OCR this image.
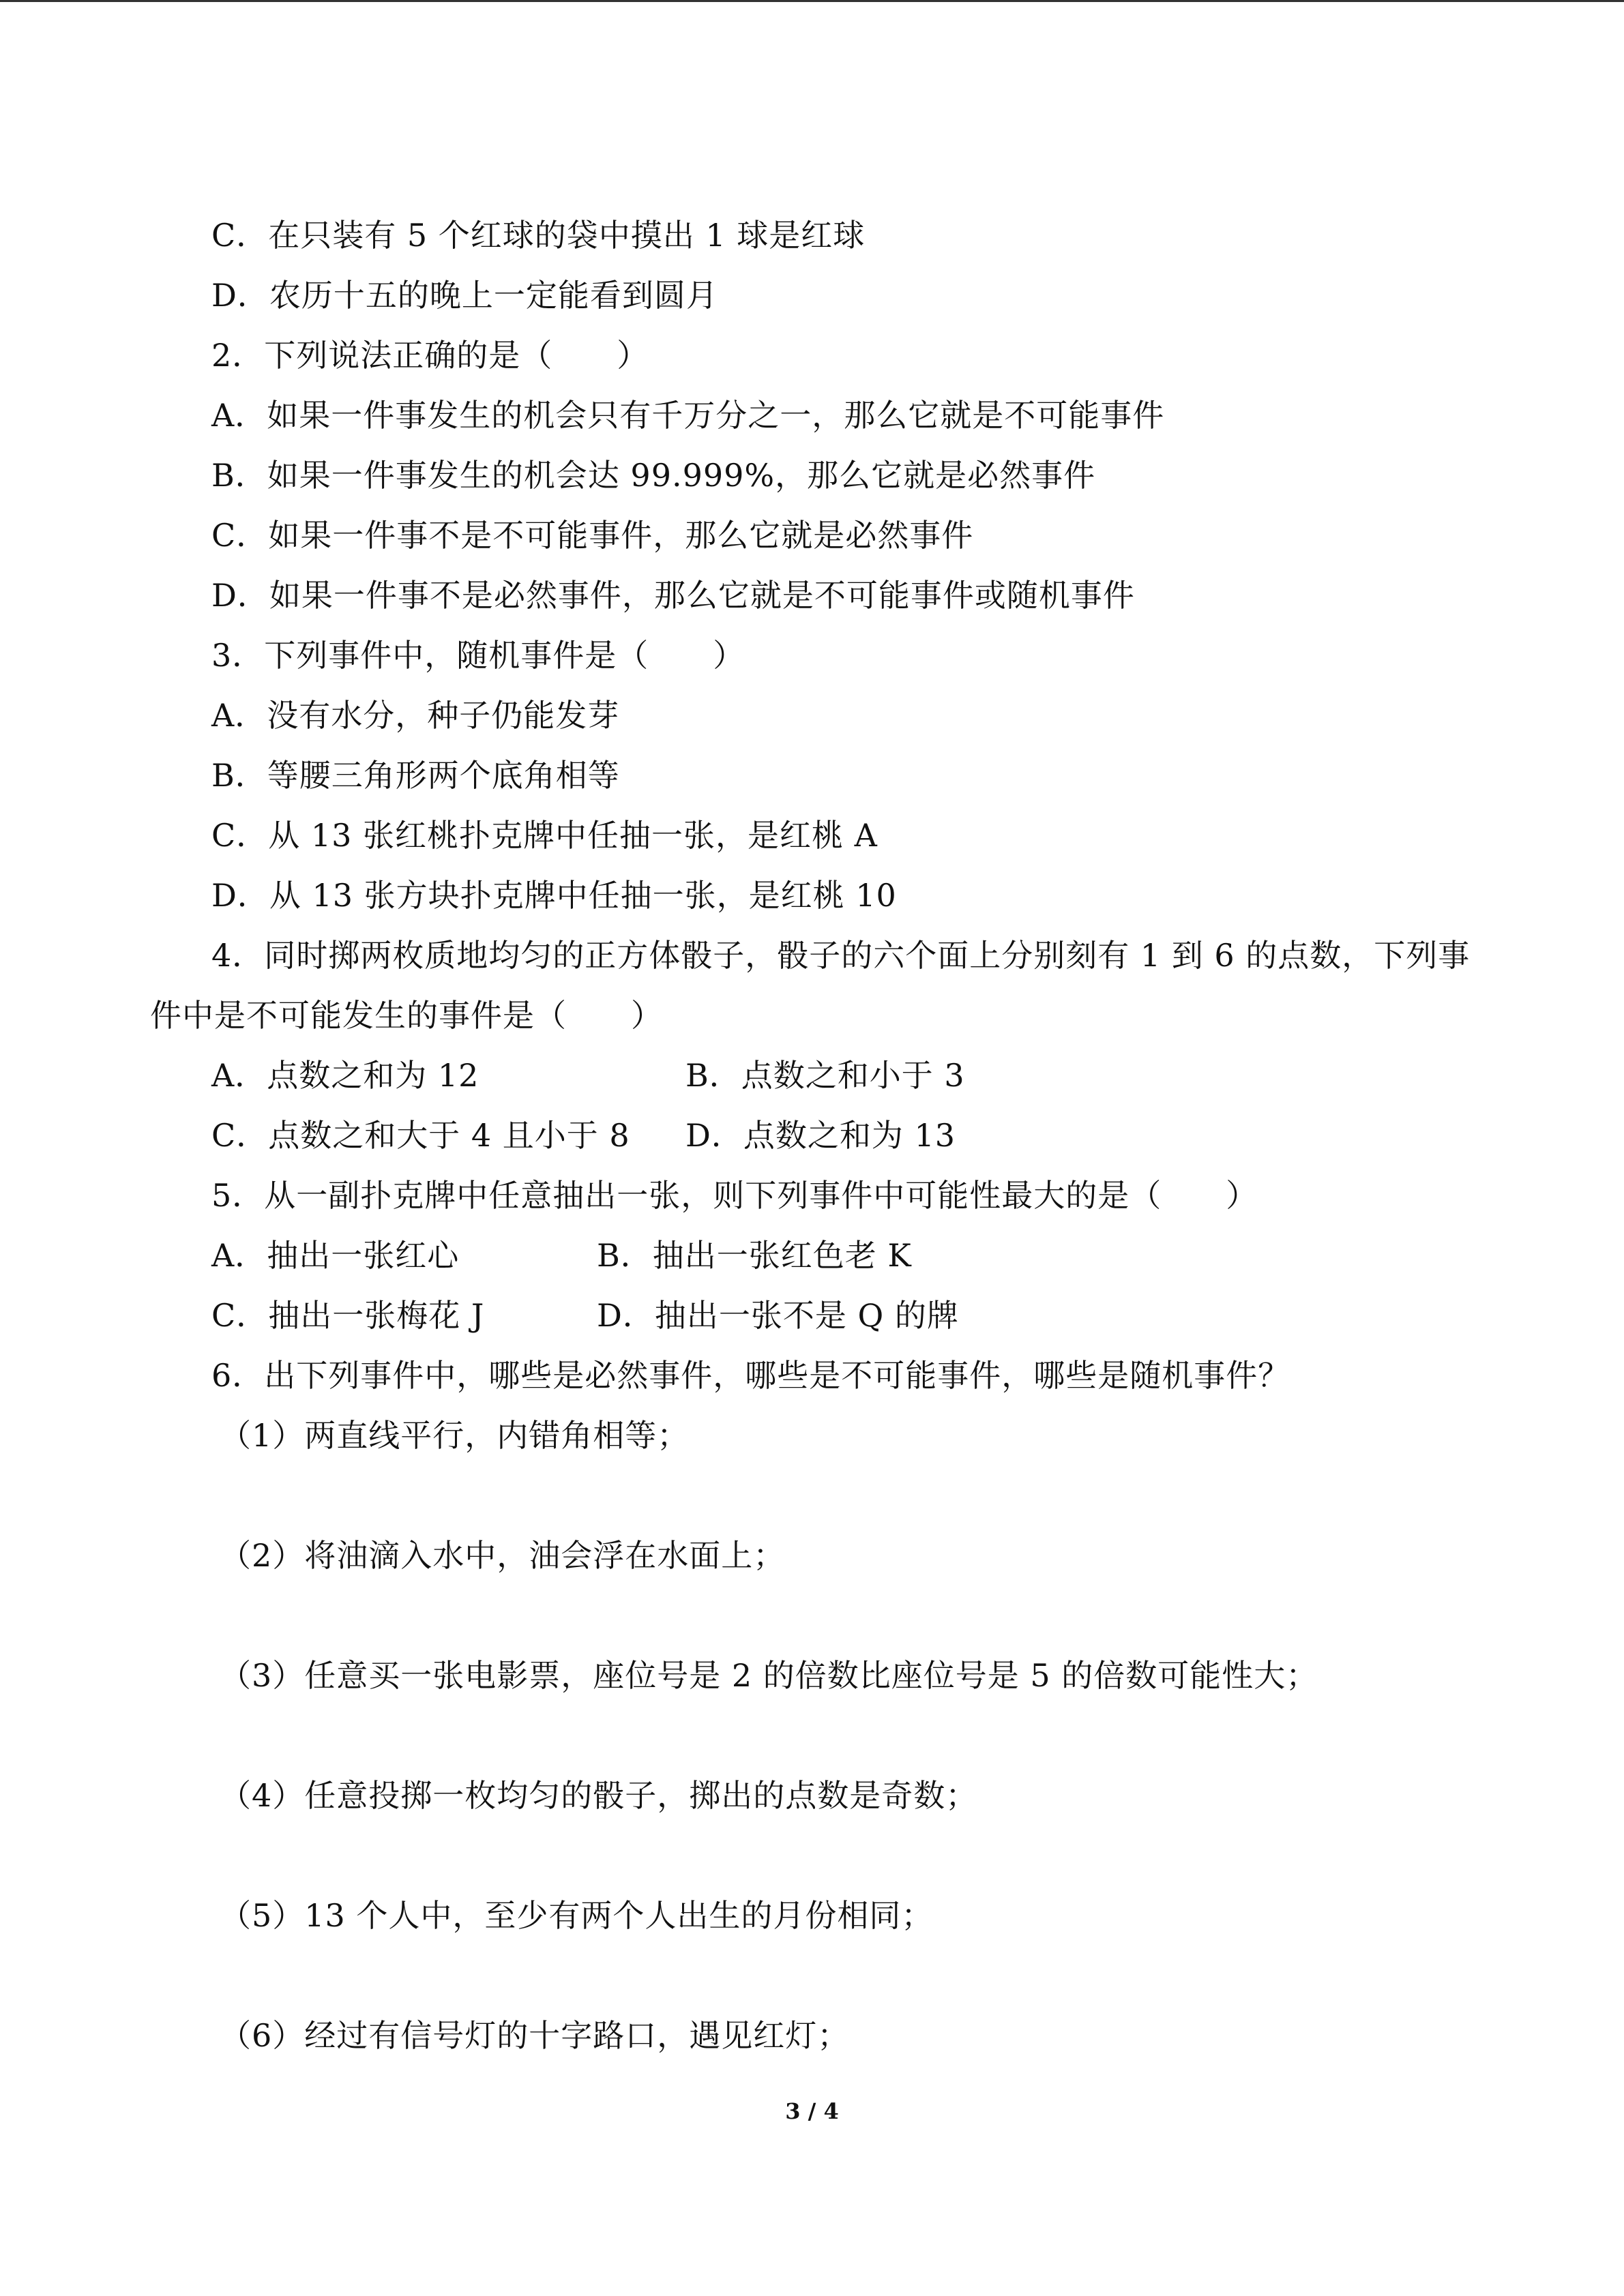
C．在只装有 5 个红球的袋中摸出 1 球是红球
D．农历十五的晚上一定能看到圆月
2．下列说法正确的是（　　）
A．如果一件事发生的机会只有千万分之一，那么它就是不可能事件
B．如果一件事发生的机会达 99.999%，那么它就是必然事件
C．如果一件事不是不可能事件，那么它就是必然事件
D．如果一件事不是必然事件，那么它就是不可能事件或随机事件
3．下列事件中，随机事件是（　　）
A．没有水分，种子仍能发芽
B．等腰三角形两个底角相等
C．从 13 张红桃扑克牌中任抽一张，是红桃 A
D．从 13 张方块扑克牌中任抽一张，是红桃 10
4．同时掷两枚质地均匀的正方体骰子，骰子的六个面上分别刻有 1 到 6 的点数，下列事
件中是不可能发生的事件是（　　）
A．点数之和为 12	B．点数之和小于 3
C．点数之和大于 4 且小于 8 D．点数之和为 13
5．从一副扑克牌中任意抽出一张，则下列事件中可能性最大的是（　　）
A．抽出一张红心	B．抽出一张红色老 K
C．抽出一张梅花 J	D．抽出一张不是 Q 的牌
6．出下列事件中，哪些是必然事件，哪些是不可能事件，哪些是随机事件？
（1）两直线平行，内错角相等；
（2）将油滴入水中，油会浮在水面上；
（3）任意买一张电影票，座位号是 2 的倍数比座位号是 5 的倍数可能性大；
（4）任意投掷一枚均匀的骰子，掷出的点数是奇数；
（5）13 个人中，至少有两个人出生的月份相同；
（6）经过有信号灯的十字路口，遇见红灯；
3 / 4
